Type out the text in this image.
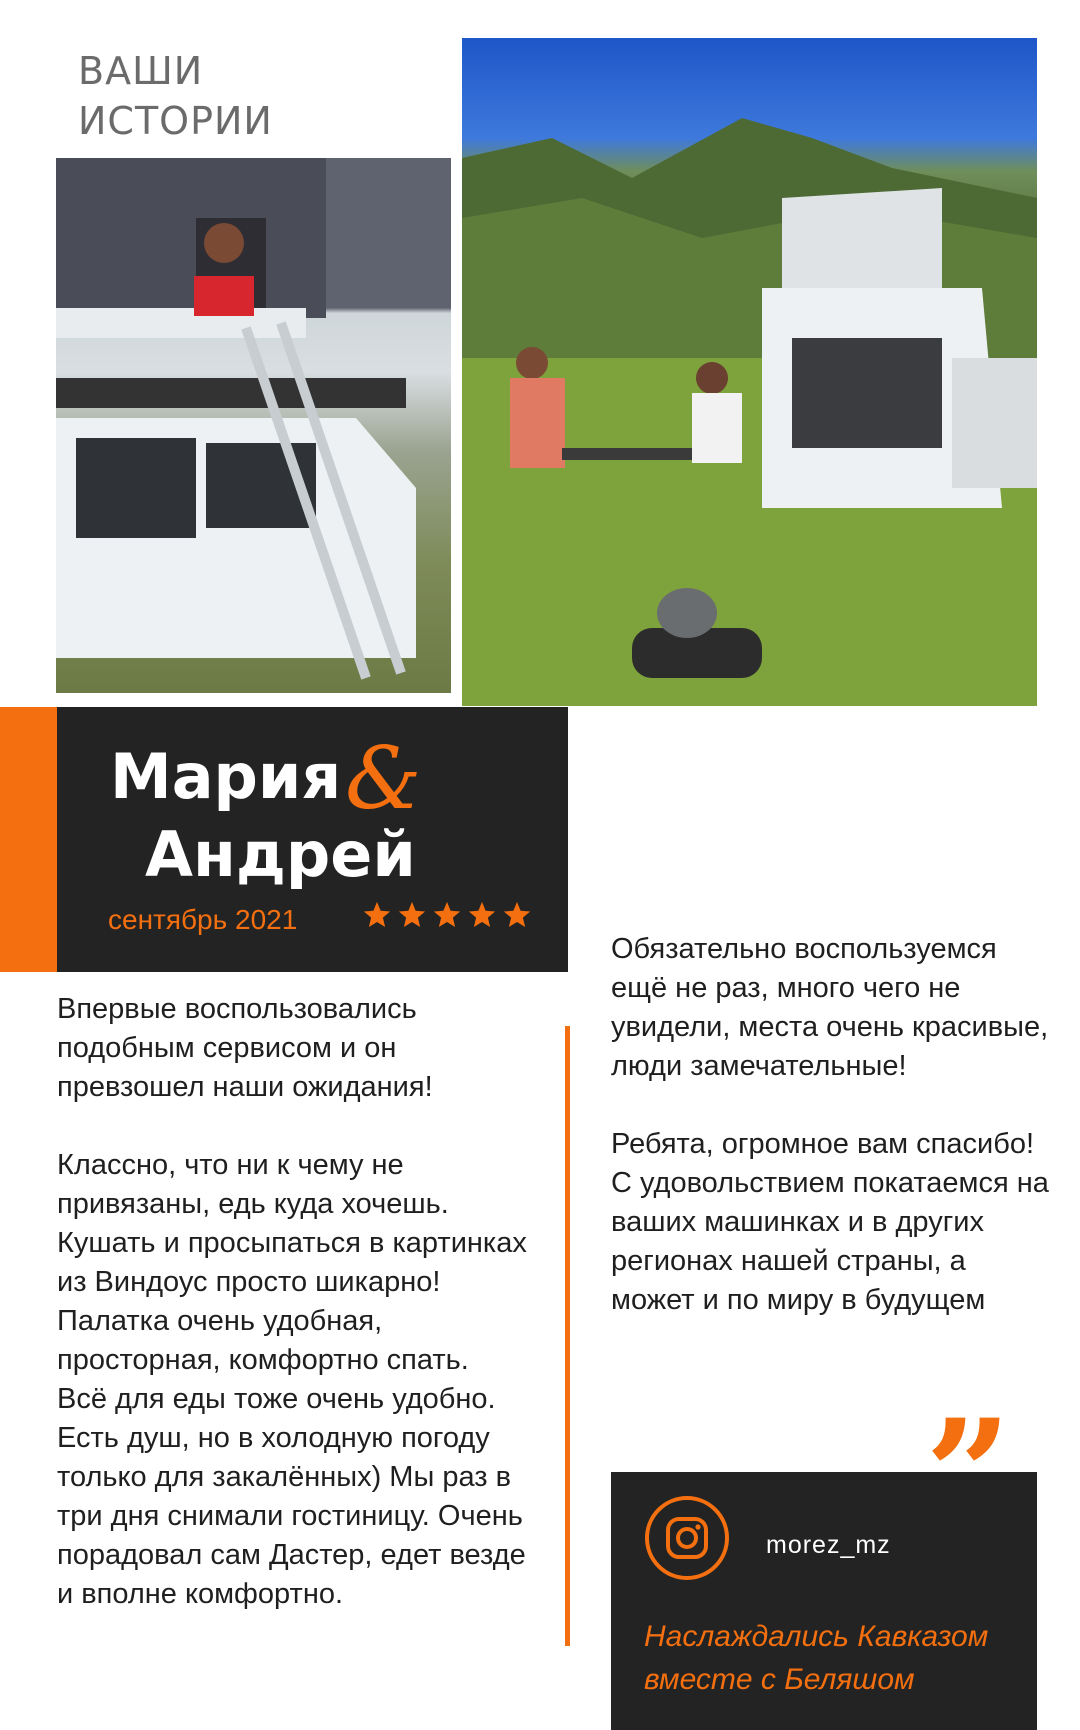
ВАШИ
ИСТОРИИ
Мария &
Андрей
сентябрь 2021
Впервые воспользовались подобным сервисом и он превзошел наши ожидания!

Классно, что ни к чему не привязаны, едь куда хочешь. Кушать и просыпаться в картинках из Виндоус просто шикарно! Палатка очень удобная, просторная, комфортно спать.
Всё для еды тоже очень удобно. Есть душ, но в холодную погоду только для закалённых) Мы раз в три дня снимали гостиницу. Очень порадовал сам Дастер, едет везде и вполне комфортно.
Обязательно воспользуемся ещё не раз, много чего не увидели, места очень красивые, люди замечательные!

Ребята, огромное вам спасибо! С удовольствием покатаемся на ваших машинках и в других регионах нашей страны, а может и по миру в будущем
morez_mz
Наслаждались Кавказом
вместе с Беляшом
